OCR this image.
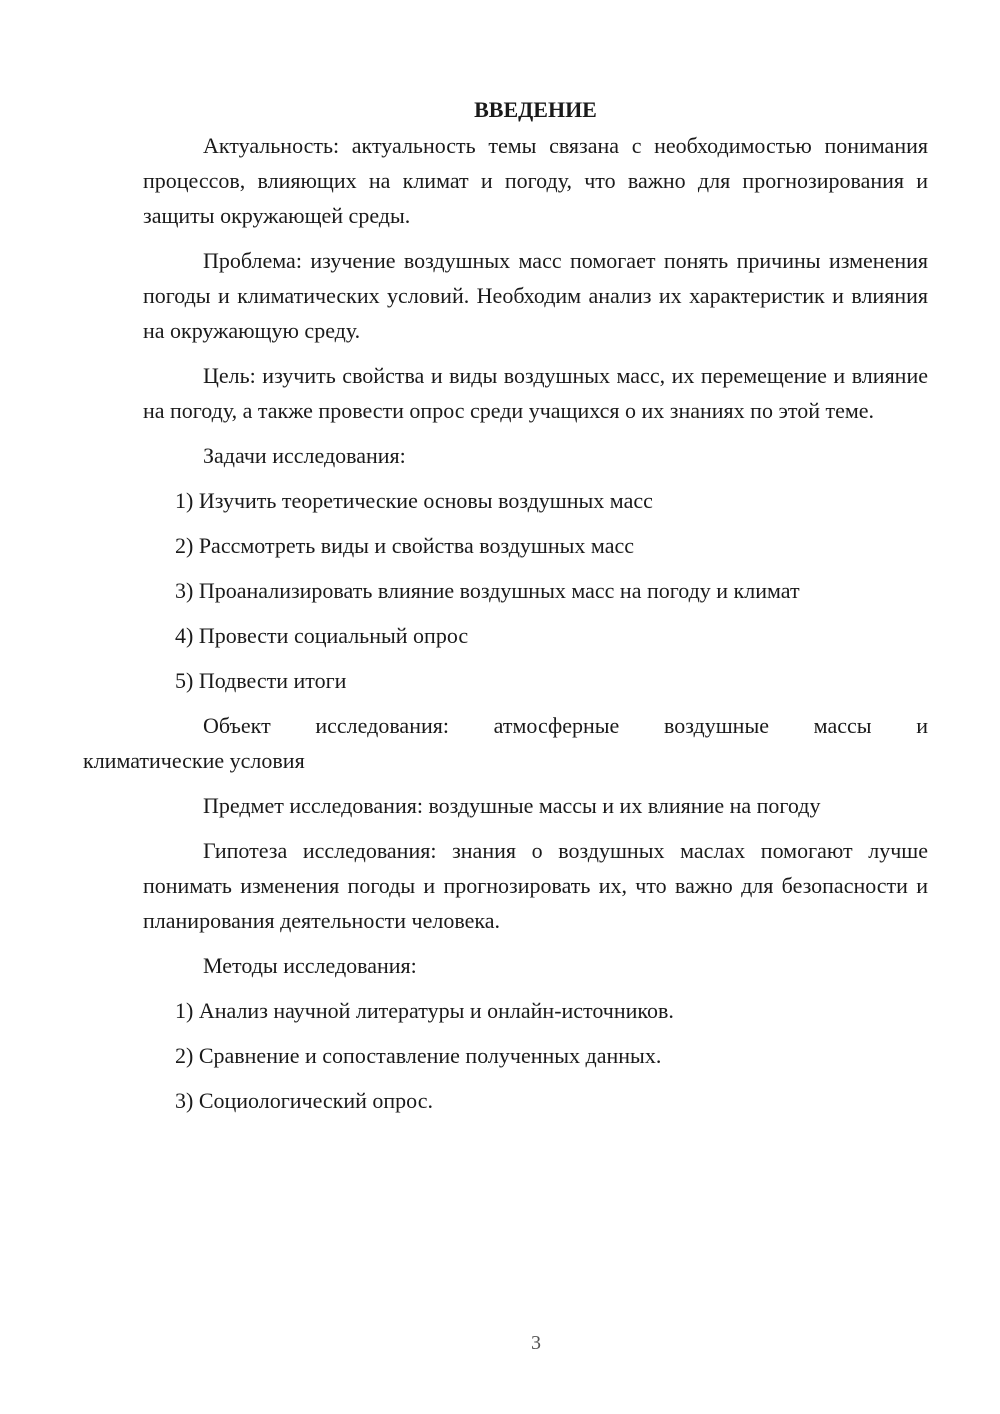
ВВЕДЕНИЕ

Актуальность: актуальность темы связана с необходимостью понимания процессов, влияющих на климат и погоду, что важно для прогнозирования и защиты окружающей среды.

Проблема: изучение воздушных масс помогает понять причины изменения погоды и климатических условий. Необходим анализ их характеристик и влияния на окружающую среду.

Цель: изучить свойства и виды воздушных масс, их перемещение и влияние на погоду, а также провести опрос среди учащихся о их знаниях по этой теме.

Задачи исследования:

1) Изучить теоретические основы воздушных масс
2) Рассмотреть виды и свойства воздушных масс
3) Проанализировать влияние воздушных масс на погоду и климат
4) Провести социальный опрос
5) Подвести итоги
Объект исследования: атмосферные воздушные массы и
климатические условия

Предмет исследования: воздушные массы и их влияние на погоду

Гипотеза исследования: знания о воздушных маслах помогают лучше понимать изменения погоды и прогнозировать их, что важно для безопасности и планирования деятельности человека.

Методы исследования:

1) Анализ научной литературы и онлайн-источников.
2) Сравнение и сопоставление полученных данных.
3) Социологический опрос.
3
